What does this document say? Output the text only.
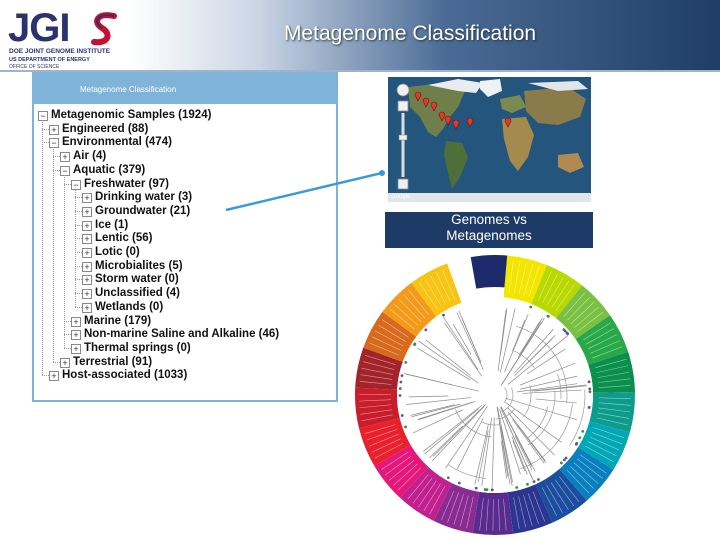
JGI
DOE JOINT GENOME INSTITUTE
US DEPARTMENT OF ENERGY
OFFICE OF SCIENCE
Metagenome Classification
Metagenome Classification
− Metagenomic Samples (1924)
+ Engineered (88)
− Environmental (474)
+ Air (4)
− Aquatic (379)
− Freshwater (97)
+ Drinking water (3)
+ Groundwater (21)
+ Ice (1)
+ Lentic (56)
+ Lotic (0)
+ Microbialites (5)
+ Storm water (0)
+ Unclassified (4)
+ Wetlands (0)
+ Marine (179)
+ Non-marine Saline and Alkaline (46)
+ Thermal springs (0)
+ Terrestrial (91)
+ Host-associated (1033)
Google
Genomes vs
Metagenomes
